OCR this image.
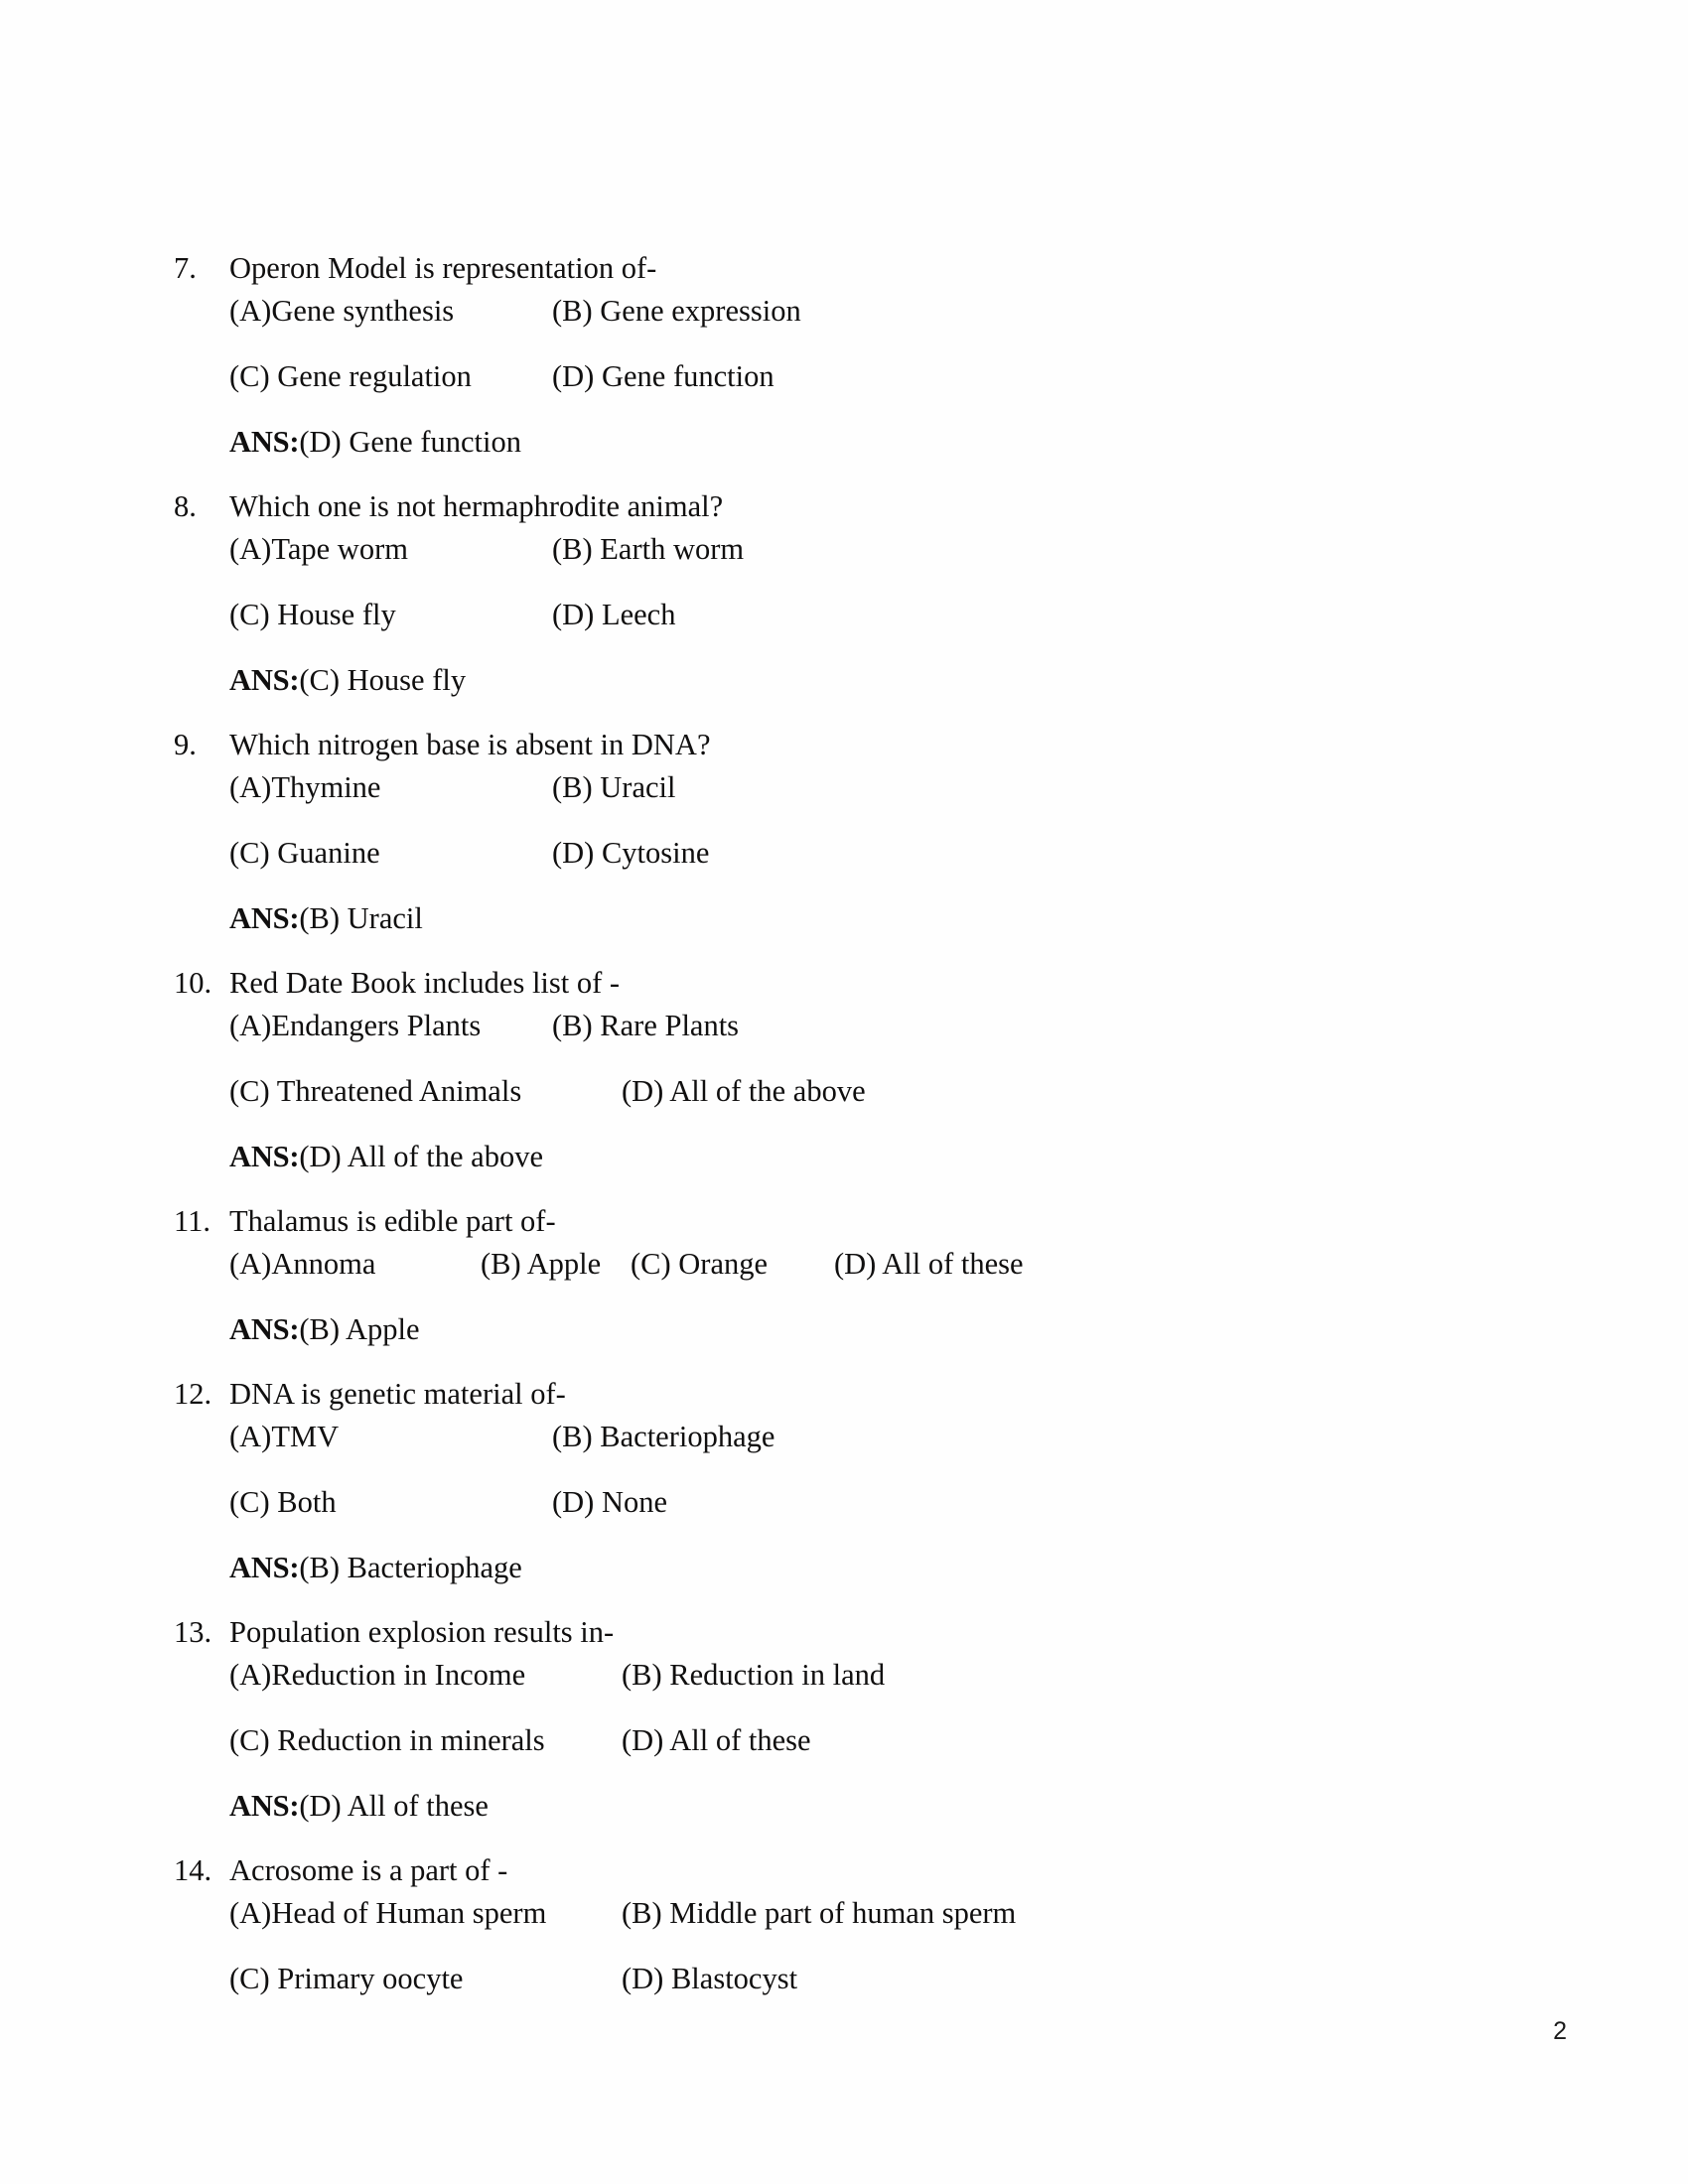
7. Operon Model is representation of-
(A)Gene synthesis	(B) Gene expression
(C) Gene regulation	(D) Gene function
ANS:(D) Gene function
8. Which one is not hermaphrodite animal?
(A)Tape worm	(B) Earth worm
(C) House fly	(D) Leech
ANS:(C) House fly
9. Which nitrogen base is absent in DNA?
(A)Thymine	(B) Uracil
(C) Guanine	(D) Cytosine
ANS:(B) Uracil
10. Red Date Book includes list of -
(A)Endangers Plants (B) Rare Plants
(C) Threatened Animals	(D) All of the above
ANS:(D) All of the above
11. Thalamus is edible part of-
(A)Annoma	(B) Apple (C) Orange (D) All of these
ANS:(B) Apple
12. DNA is genetic material of-
(A)TMV	(B) Bacteriophage
(C) Both	(D) None
ANS:(B) Bacteriophage
13. Population explosion results in-
(A)Reduction in Income	(B) Reduction in land
(C) Reduction in minerals	(D) All of these
ANS:(D) All of these
14. Acrosome is a part of -
(A)Head of Human sperm (B) Middle part of human sperm
(C) Primary oocyte	(D) Blastocyst
2
